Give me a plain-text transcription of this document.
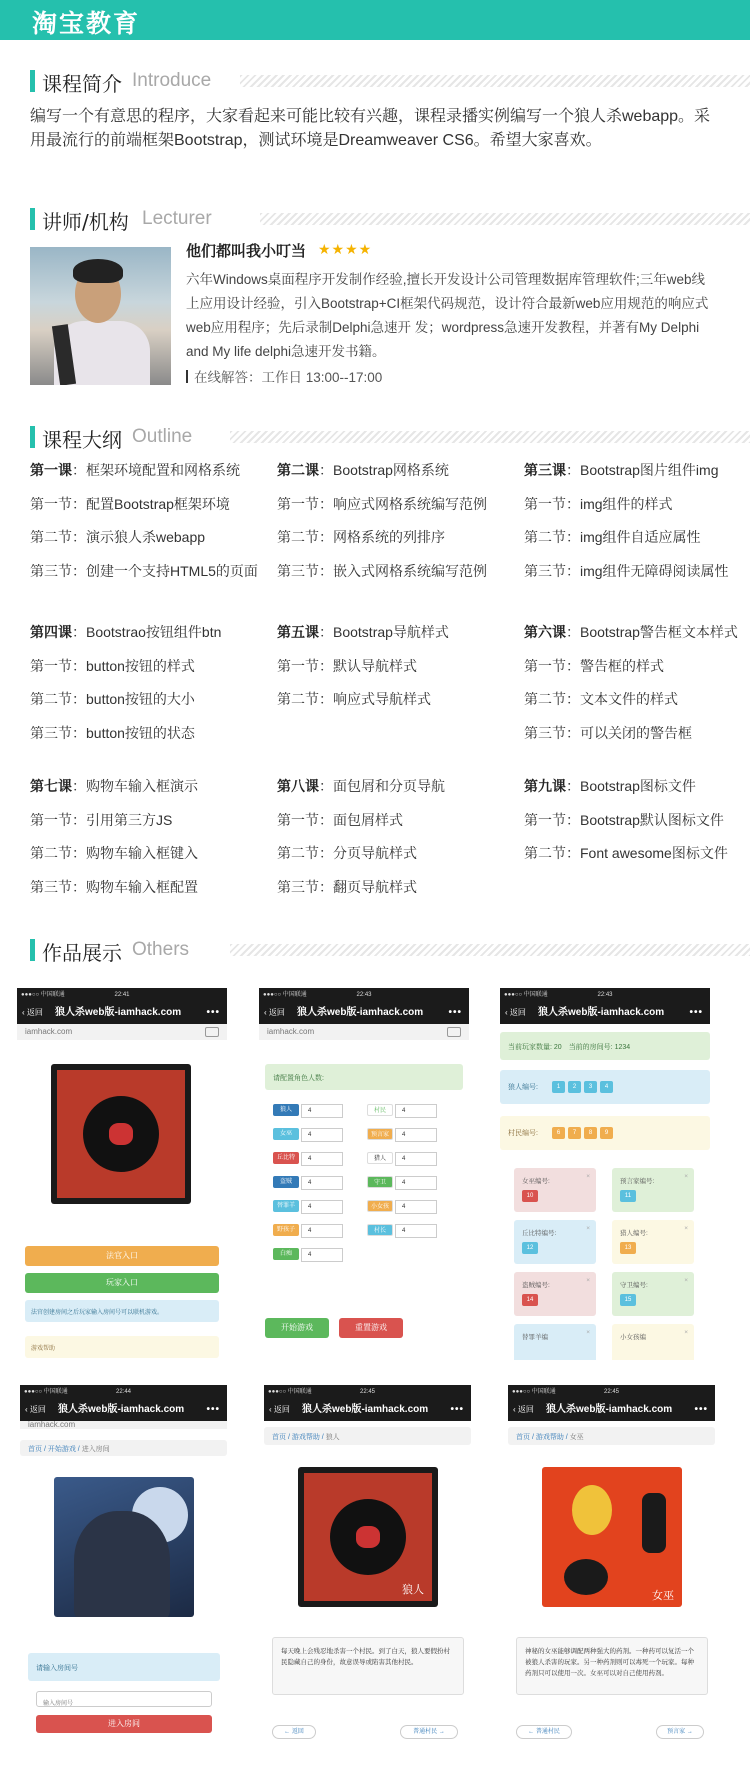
淘宝教育
课程简介 Introduce
编写一个有意思的程序，大家看起来可能比较有兴趣，课程录播实例编写一个狼人杀webapp。采用最流行的前端框架Bootstrap，测试环境是Dreamweaver CS6。希望大家喜欢。
讲师/机构 Lecturer
他们都叫我小叮当 ★★★★
六年Windows桌面程序开发制作经验,擅长开发设计公司管理数据库管理软件;三年web线上应用设计经验，引入Bootstrap+CI框架代码规范，设计符合最新web应用规范的响应式web应用程序；先后录制Delphi急速开 发；wordpress急速开发教程，并著有My Delphi and My life delphi急速开发书籍。
在线解答：工作日 13:00--17:00
课程大纲 Outline
第一课：框架环境配置和网格系统
第一节：配置Bootstrap框架环境
第二节：演示狼人杀webapp
第三节：创建一个支持HTML5的页面
第二课：Bootstrap网格系统
第一节：响应式网格系统编写范例
第二节：网格系统的列排序
第三节：嵌入式网格系统编写范例
第三课：Bootstrap图片组件img
第一节：img组件的样式
第二节：img组件自适应属性
第三节：img组件无障碍阅读属性
第四课：Bootstrao按钮组件btn
第一节：button按钮的样式
第二节：button按钮的大小
第三节：button按钮的状态
第五课：Bootstrap导航样式
第一节：默认导航样式
第二节：响应式导航样式
第六课：Bootstrap警告框文本样式
第一节：警告框的样式
第二节：文本文件的样式
第三节：可以关闭的警告框
第七课：购物车输入框演示
第一节：引用第三方JS
第二节：购物车输入框键入
第三节：购物车输入框配置
第八课：面包屑和分页导航
第一节：面包屑样式
第二节：分页导航样式
第三节：翻页导航样式
第九课：Bootstrap图标文件
第一节：Bootstrap默认图标文件
第二节：Font awesome图标文件
作品展示 Others
●●●○○ 中国联通	22:41
‹ 返回 狼人杀web版-iamhack.com	•••
iamhack.com
法官入口
玩家入口
法官创建房间之后玩家输入房间号可以联机游戏。
游戏帮助
●●●○○ 中国联通	22:43
‹ 返回 狼人杀web版-iamhack.com	•••
iamhack.com
请配置角色人数:
狼人	4
女巫	4
丘比特	4
盗贼	4
替罪羊	4
野孩子	4
白痴	4
村民	4
预言家	4
猎人	4
守卫	4
小女孩	4
村长	4
开始游戏	重置游戏
●●●○○ 中国联通	22:43
‹ 返回 狼人杀web版-iamhack.com	•••
当前玩家数量: 20　 当前的房间号: 1234
狼人编号:	1	2	3	4
村民编号:	6	7	8	9
女巫编号:
×
10
预言家编号:
×
11
丘比特编号:
×
12
猎人编号:
×
13
盗贼编号:
×
14
守卫编号:
×
15
替罪羊编
×
小女孩编
×
●●●○○ 中国联通	22:44
‹ 返回 狼人杀web版-iamhack.com •••
iamhack.com
首页 / 开始游戏 / 进入房间
请输入房间号
输入房间号
进入房间
●●●○○ 中国联通	22:45
‹ 返回 狼人杀web版-iamhack.com •••
首页 / 游戏帮助 / 狼人
狼人
每天晚上会残忍地杀害一个村民。到了白天，狼人要假扮村民隐藏自己的身份，故意误导或陷害其他村民。
← 返回	普通村民 →
●●●○○ 中国联通	22:45
‹ 返回 狼人杀web版-iamhack.com •••
首页 / 游戏帮助 / 女巫
女巫
神秘的女巫能够调配两种强大的药剂。一种药可以复活一个被狼人杀害的玩家。另一种药剂则可以毒死一个玩家。每种药剂只可以使用一次。女巫可以对自己使用药剂。
← 普通村民	预言家 →
